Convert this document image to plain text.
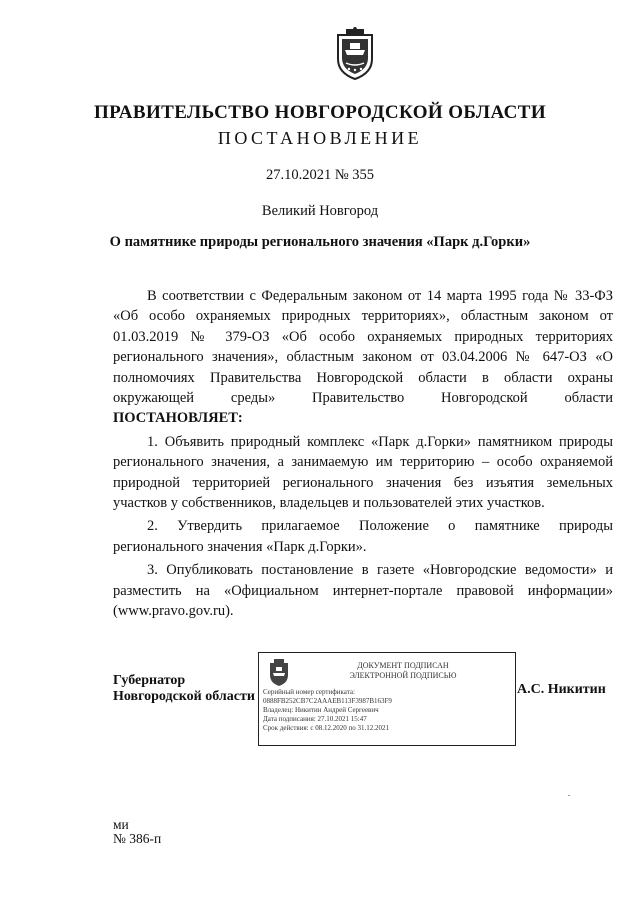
ПРАВИТЕЛЬСТВО НОВГОРОДСКОЙ ОБЛАСТИ
ПОСТАНОВЛЕНИЕ
27.10.2021 № 355
Великий Новгород
О памятнике природы регионального значения «Парк д.Горки»

В соответствии с Федеральным законом от 14 марта 1995 года № 33-ФЗ «Об особо охраняемых природных территориях», областным законом от 01.03.2019 № 379-ОЗ «Об особо охраняемых природных территориях регионального значения», областным законом от 03.04.2006 № 647-ОЗ «О полномочиях Правительства Новгородской области в области охраны окружающей среды» Правительство Новгородской области ПОСТАНОВЛЯЕТ:

1. Объявить природный комплекс «Парк д.Горки» памятником природы регионального значения, а занимаемую им территорию – особо охраняемой природной территорией регионального значения без изъятия земельных участков у собственников, владельцев и пользователей этих участков.

2. Утвердить прилагаемое Положение о памятнике природы регионального значения «Парк д.Горки».

3. Опубликовать постановление в газете «Новгородские ведомости» и разместить на «Официальном интернет-портале правовой информации» (www.pravo.gov.ru).

Губернатор
Новгородской области
ДОКУМЕНТ ПОДПИСАН
ЭЛЕКТРОННОЙ ПОДПИСЬЮ
Серийный номер сертификата:
0888FB252CB7C2AAAEB113F3987B163F9
Владелец: Никитин Андрей Сергеевич
Дата подписания: 27.10.2021 15:47
Срок действия: с 08.12.2020 по 31.12.2021
А.С. Никитин
ми
№ 386-п
